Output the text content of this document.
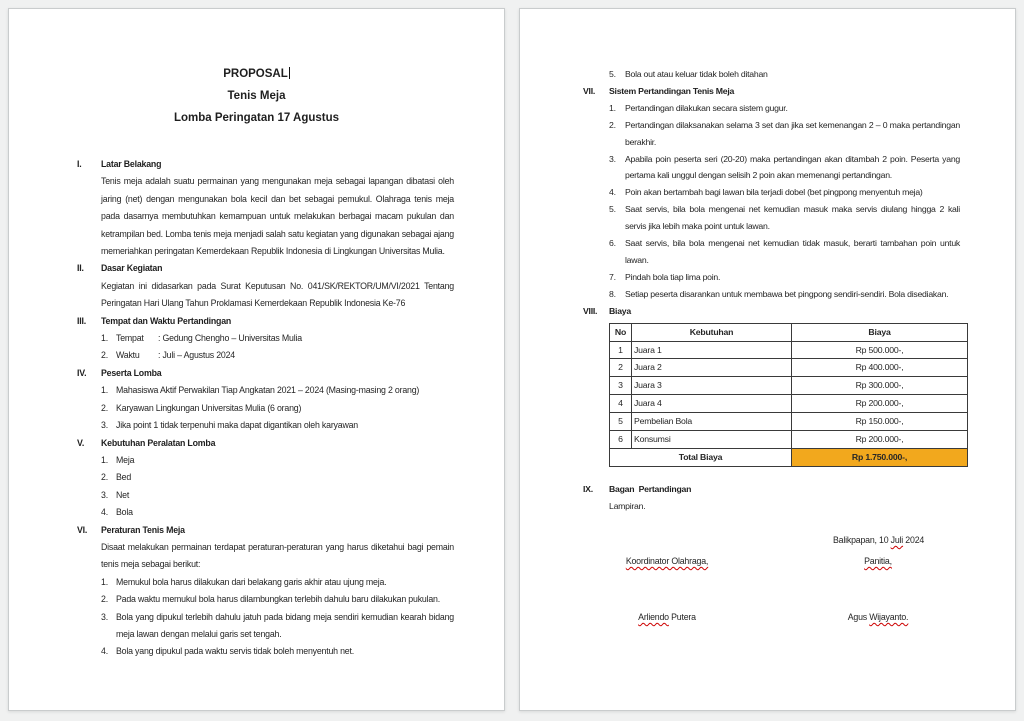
PROPOSAL
Tenis Meja
Lomba Peringatan 17 Agustus
I.	Latar Belakang

Tenis meja adalah suatu permainan yang mengunakan meja sebagai lapangan dibatasi oleh jaring (net) dengan mengunakan bola kecil dan bet sebagai pemukul. Olahraga tenis meja pada dasarnya membutuhkan kemampuan untuk melakukan berbagai macam pukulan dan ketrampilan bed. Lomba tenis meja menjadi salah satu kegiatan yang digunakan sebagai ajang memeriahkan peringatan Kemerdekaan Republik Indonesia di Lingkungan Universitas Mulia.

II.	Dasar Kegiatan

Kegiatan ini didasarkan pada Surat Keputusan No. 041/SK/REKTOR/UM/VI/2021 Tentang Peringatan Hari Ulang Tahun Proklamasi Kemerdekaan Republik Indonesia Ke-76

III.	Tempat dan Waktu Pertandingan
1. Tempat : Gedung Chengho – Universitas Mulia
2. Waktu : Juli – Agustus 2024
IV.	Peserta Lomba
1. Mahasiswa Aktif Perwakilan Tiap Angkatan 2021 – 2024 (Masing-masing 2 orang)
2. Karyawan Lingkungan Universitas Mulia (6 orang)
3. Jika point 1 tidak terpenuhi maka dapat digantikan oleh karyawan
V.	Kebutuhan Peralatan Lomba
1. Meja
2. Bed
3. Net
4. Bola
VI.	Peraturan Tenis Meja

Disaat melakukan permainan terdapat peraturan-peraturan yang harus diketahui bagi pemain tenis meja sebagai berikut:

1. Memukul bola harus dilakukan dari belakang garis akhir atau ujung meja.
2. Pada waktu memukul bola harus dilambungkan terlebih dahulu baru dilakukan pukulan.
3. Bola yang dipukul terlebih dahulu jatuh pada bidang meja sendiri kemudian kearah bidang meja lawan dengan melalui garis set tengah.
4. Bola yang dipukul pada waktu servis tidak boleh menyentuh net.
5.	Bola out atau keluar tidak boleh ditahan
VII.	Sistem Pertandingan Tenis Meja
1.	Pertandingan dilakukan secara sistem gugur.
2.	Pertandingan dilaksanakan selama 3 set dan jika set kemenangan 2 – 0 maka pertandingan berakhir.
3.	Apabila poin peserta seri (20-20) maka pertandingan akan ditambah 2 poin. Peserta yang pertama kali unggul dengan selisih 2 poin akan memenangi pertandingan.
4.	Poin akan bertambah bagi lawan bila terjadi dobel (bet pingpong menyentuh meja)
5.	Saat servis, bila bola mengenai net kemudian masuk maka servis diulang hingga 2 kali servis jika lebih maka point untuk lawan.
6.	Saat servis, bila bola mengenai net kemudian tidak masuk, berarti tambahan poin untuk lawan.
7.	Pindah bola tiap lima poin.
8.	Setiap peserta disarankan untuk membawa bet pingpong sendiri-sendiri. Bola disediakan.
VIII.	Biaya
No	Kebutuhan	Biaya
1	Juara 1	Rp 500.000-,
2	Juara 2	Rp 400.000-,
3	Juara 3	Rp 300.000-,
4	Juara 4	Rp 200.000-,
5	Pembelian Bola	Rp 150.000-,
6	Konsumsi	Rp 200.000-,
Total Biaya		Rp 1.750.000-,
IX.	Bagan  Pertandingan
Lampiran.
Balikpapan, 10 Juli 2024
Koordinator Olahraga,	Panitia,
Arliendo Putera	Agus Wijayanto.
